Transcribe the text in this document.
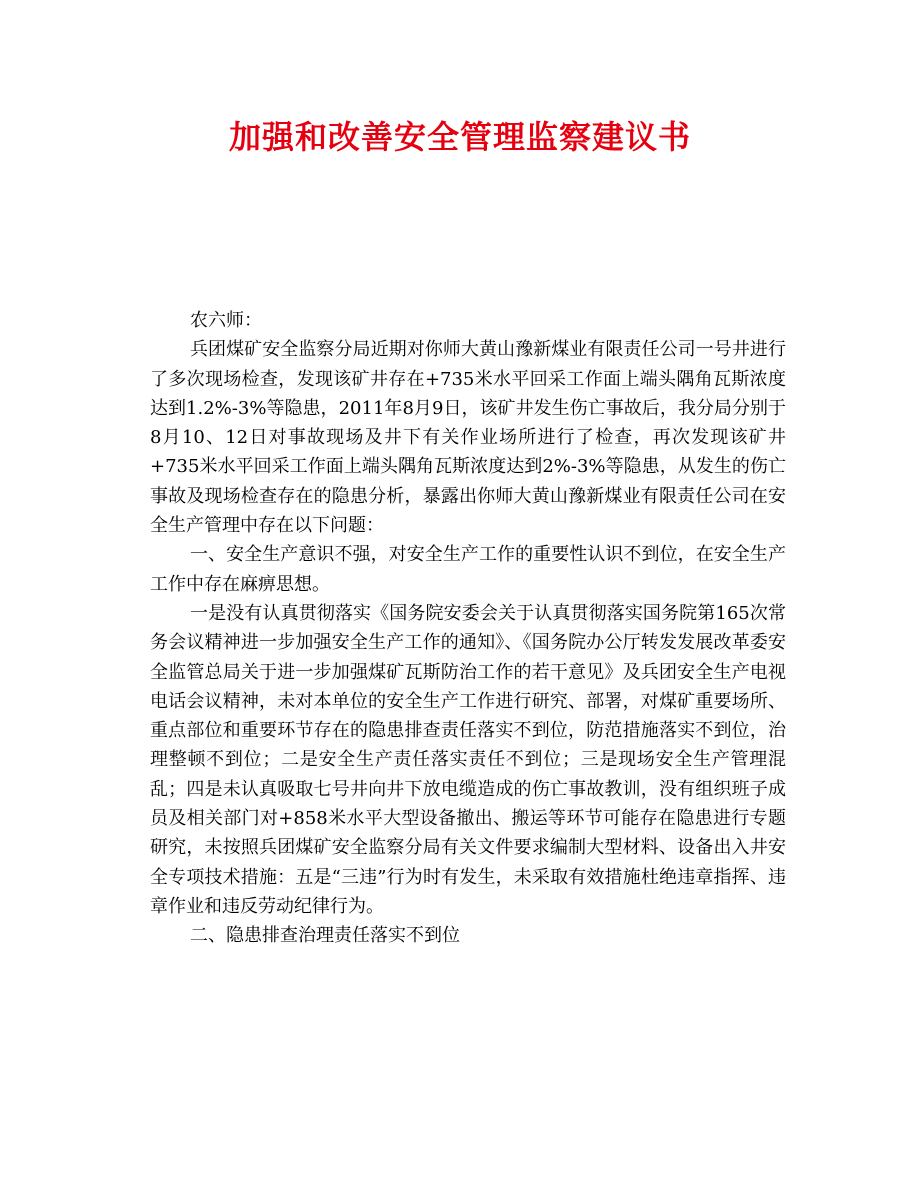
加强和改善安全管理监察建议书

农六师：

兵团煤矿安全监察分局近期对你师大黄山豫新煤业有限责任公司一号井进行了多次现场检查，发现该矿井存在+735米水平回采工作面上端头隅角瓦斯浓度达到1.2%-3%等隐患，2011年8月9日，该矿井发生伤亡事故后，我分局分别于8月10、12日对事故现场及井下有关作业场所进行了检查，再次发现该矿井+735米水平回采工作面上端头隅角瓦斯浓度达到2%-3%等隐患，从发生的伤亡事故及现场检查存在的隐患分析，暴露出你师大黄山豫新煤业有限责任公司在安全生产管理中存在以下问题：

一、安全生产意识不强，对安全生产工作的重要性认识不到位，在安全生产工作中存在麻痹思想。

一是没有认真贯彻落实《国务院安委会关于认真贯彻落实国务院第165次常务会议精神进一步加强安全生产工作的通知》、《国务院办公厅转发发展改革委安全监管总局关于进一步加强煤矿瓦斯防治工作的若干意见》及兵团安全生产电视电话会议精神，未对本单位的安全生产工作进行研究、部署，对煤矿重要场所、重点部位和重要环节存在的隐患排查责任落实不到位，防范措施落实不到位，治理整顿不到位；二是安全生产责任落实责任不到位；三是现场安全生产管理混乱；四是未认真吸取七号井向井下放电缆造成的伤亡事故教训，没有组织班子成员及相关部门对+858米水平大型设备撤出、搬运等环节可能存在隐患进行专题研究，未按照兵团煤矿安全监察分局有关文件要求编制大型材料、设备出入井安全专项技术措施：五是“三违”行为时有发生，未采取有效措施杜绝违章指挥、违章作业和违反劳动纪律行为。

二、隐患排查治理责任落实不到位
